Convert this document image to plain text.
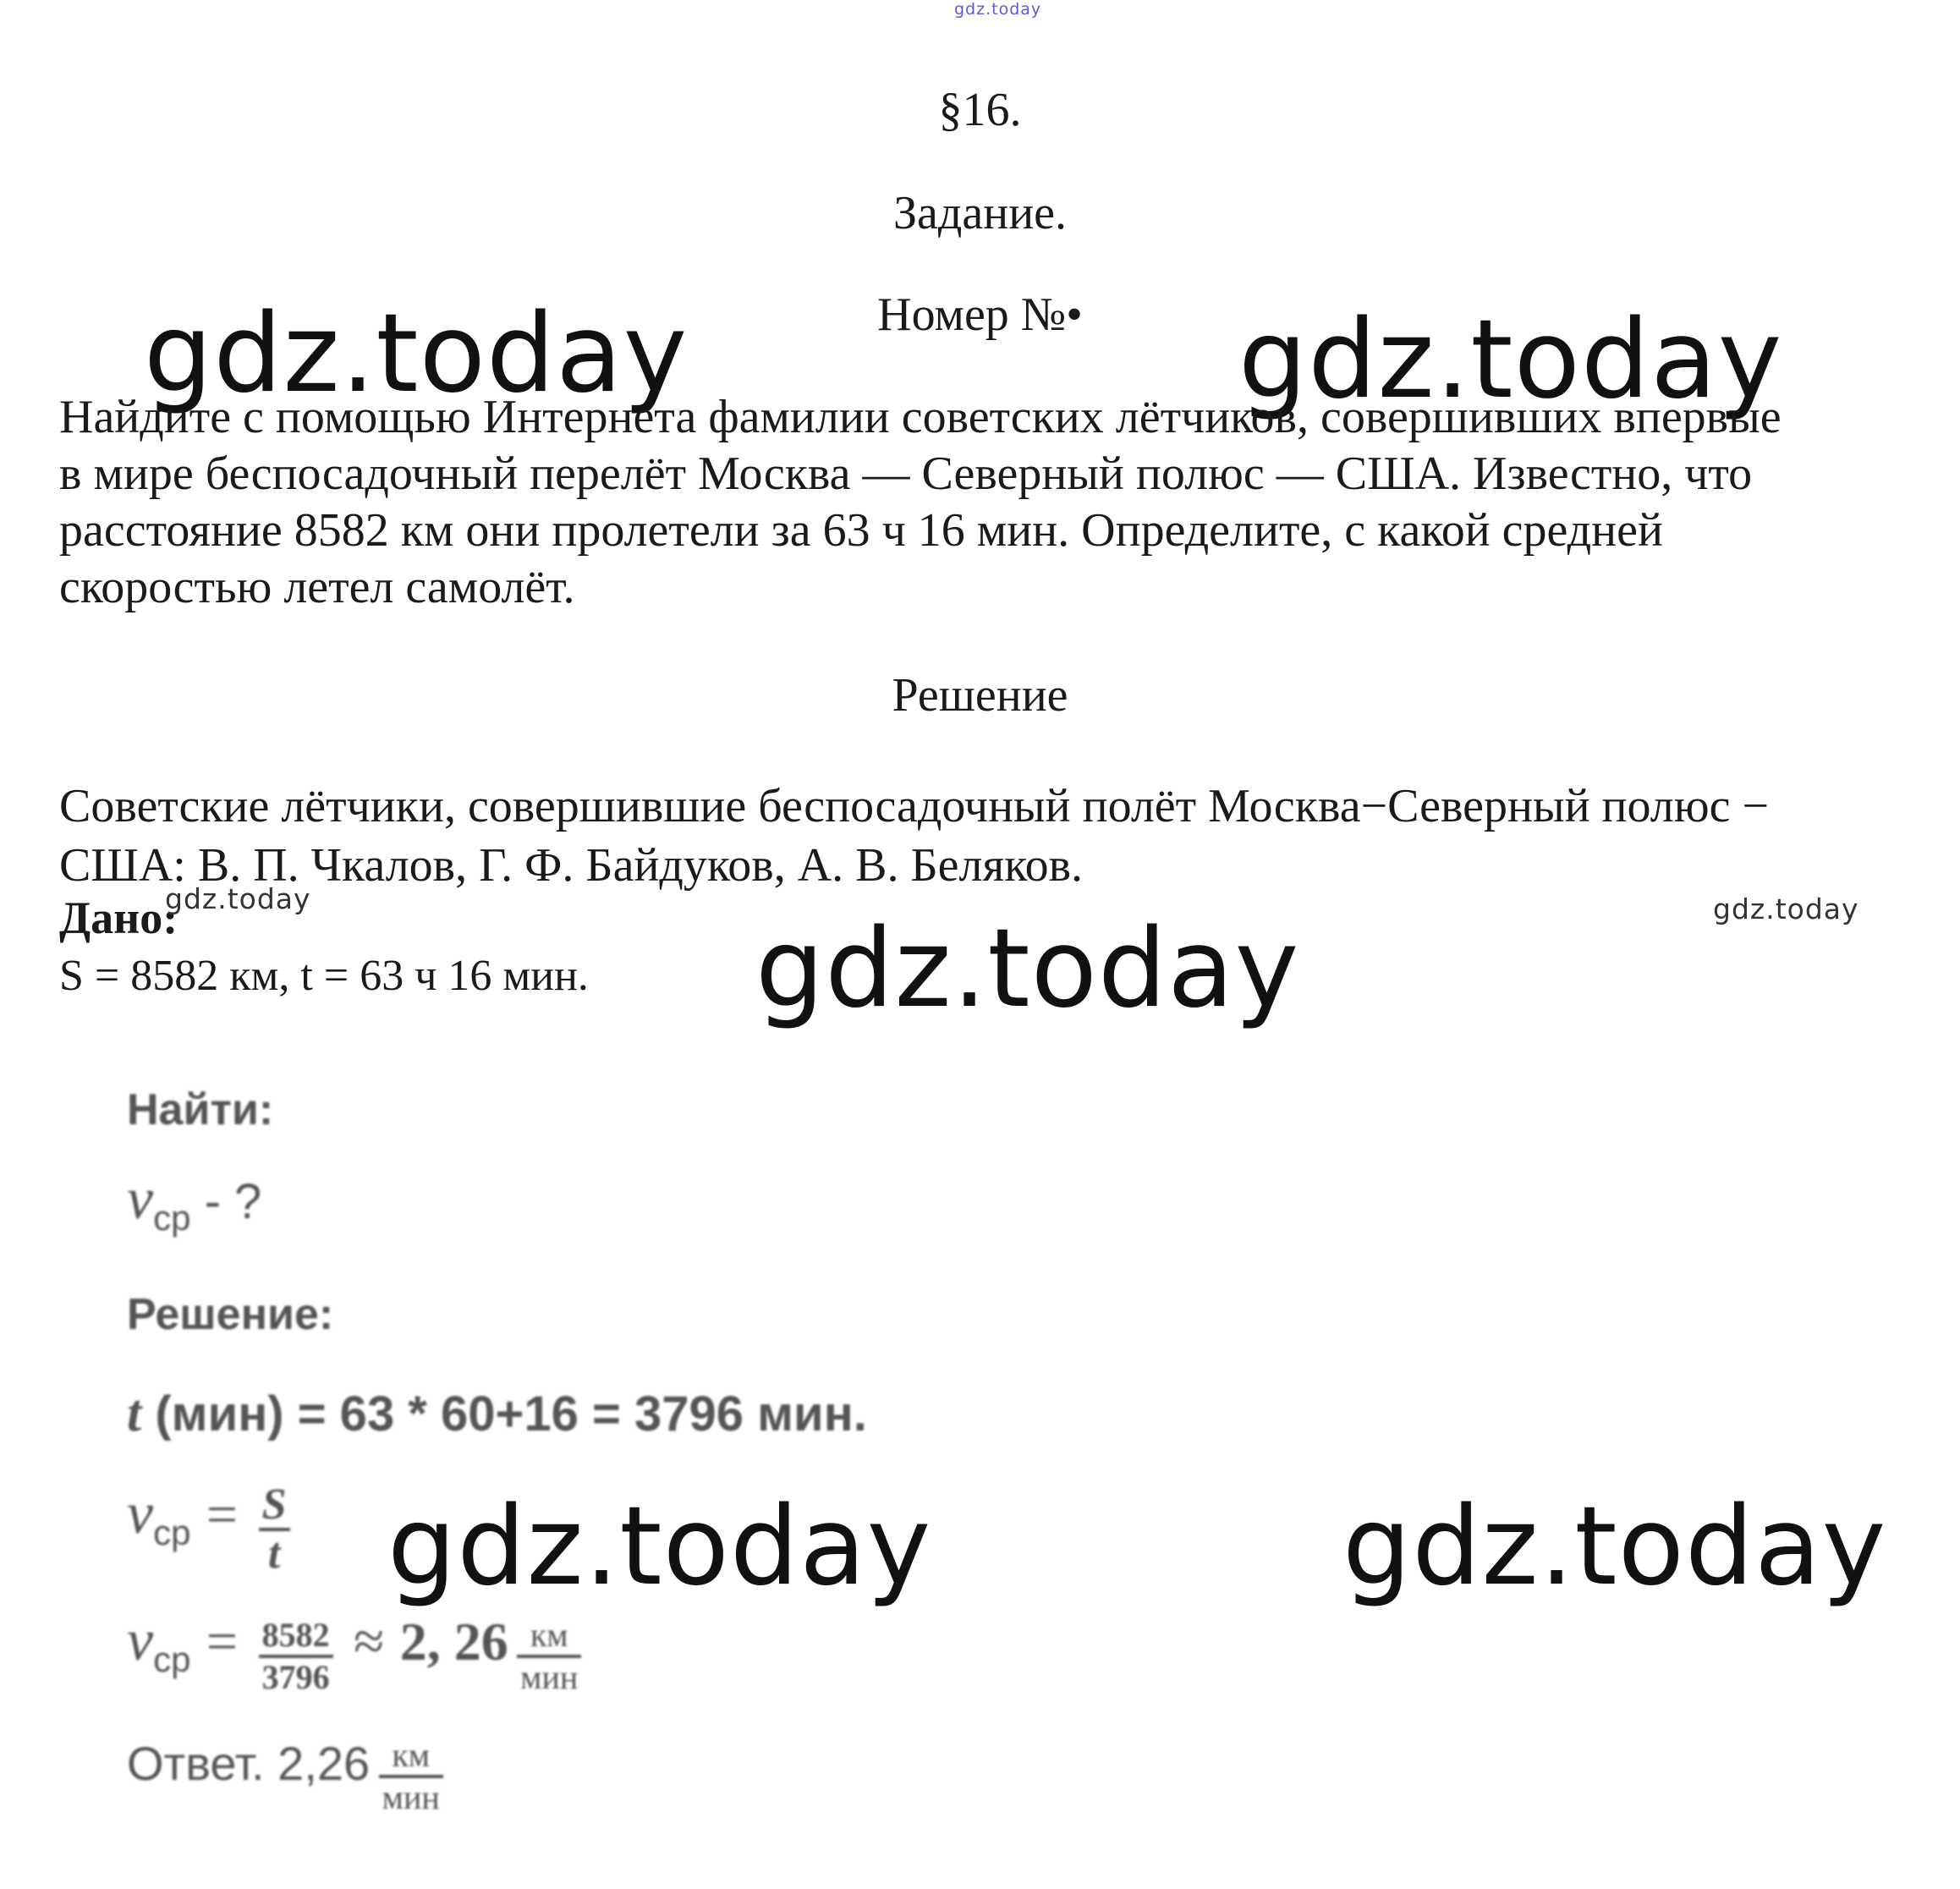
gdz.today
§16.
Задание.
Номер №•
gdz.today	gdz.today
Найдите с помощью Интернета фамилии советских лётчиков, совершивших впервые
в мире беспосадочный перелёт Москва — Северный полюс — США. Известно, что
расстояние 8582 км они пролетели за 63 ч 16 мин. Определите, с какой средней
скоростью летел самолёт.
Решение
Советские лётчики, совершившие беспосадочный полёт Москва−Северный полюс −
США: В. П. Чкалов, Г. Ф. Байдуков, А. В. Беляков.
Дано:
S = 8582 км, t = 63 ч 16 мин.
gdz.today	gdz.today
gdz.today
Найти:
$v_{ср}$ - ?
Решение:
t (мин) = 63 * 60+16 = 3796 мин.
vср = $\frac{S}{t}$
vср = $\frac{8582}{3796} \approx 2$, $26 \frac{км}{\text{мин}}$
Ответ. $2,26 \frac{км}{\text{мин}}$
gdz.today	gdz.today
